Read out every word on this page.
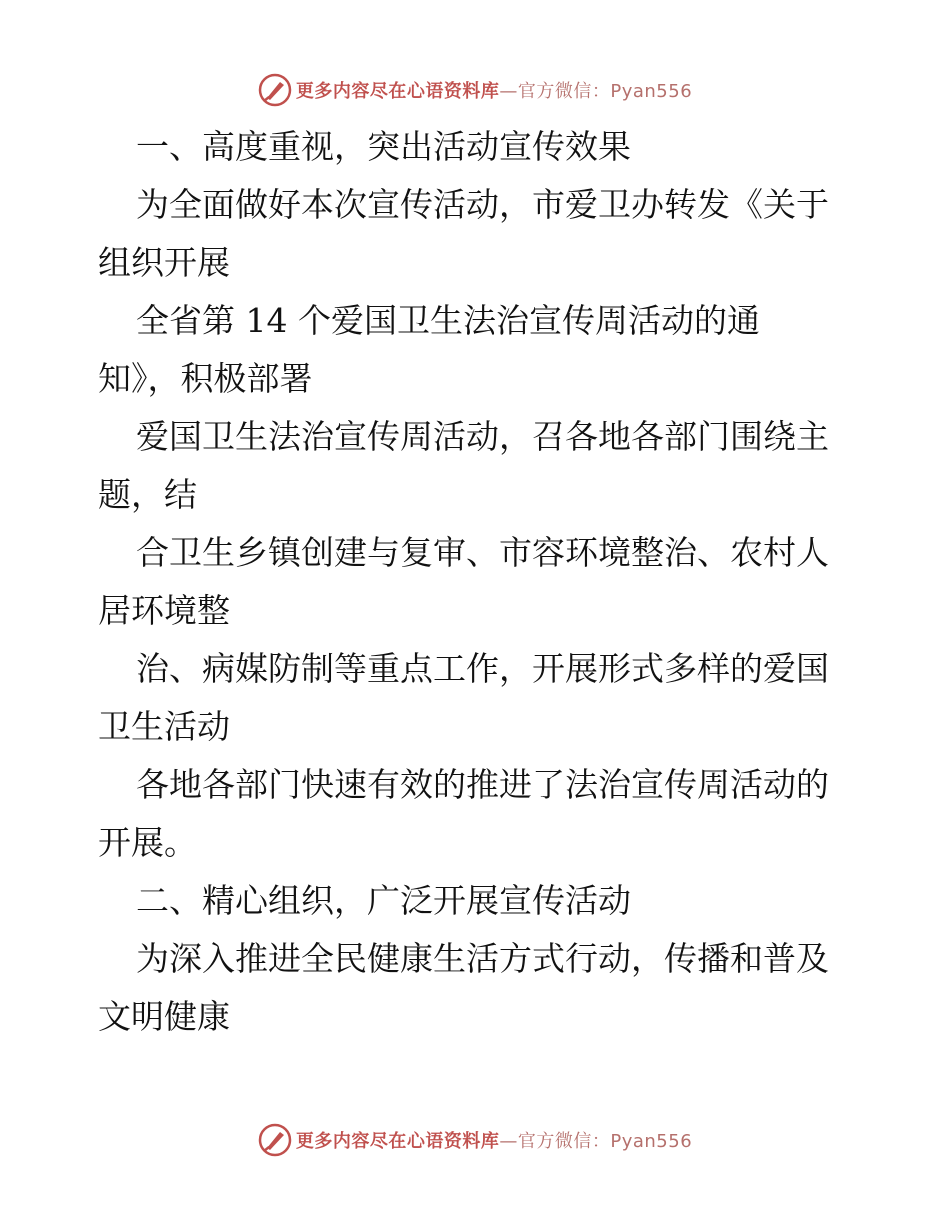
更多内容尽在心语资料库—官方微信：Pyan556
一、高度重视，突出活动宣传效果
为全面做好本次宣传活动，市爱卫办转发《关于
组织开展
全省第 14 个爱国卫生法治宣传周活动的通
知》，积极部署
爱国卫生法治宣传周活动，召各地各部门围绕主
题，结
合卫生乡镇创建与复审、市容环境整治、农村人
居环境整
治、病媒防制等重点工作，开展形式多样的爱国
卫生活动
各地各部门快速有效的推进了法治宣传周活动的
开展。
二、精心组织，广泛开展宣传活动
为深入推进全民健康生活方式行动，传播和普及
文明健康
更多内容尽在心语资料库—官方微信：Pyan556
